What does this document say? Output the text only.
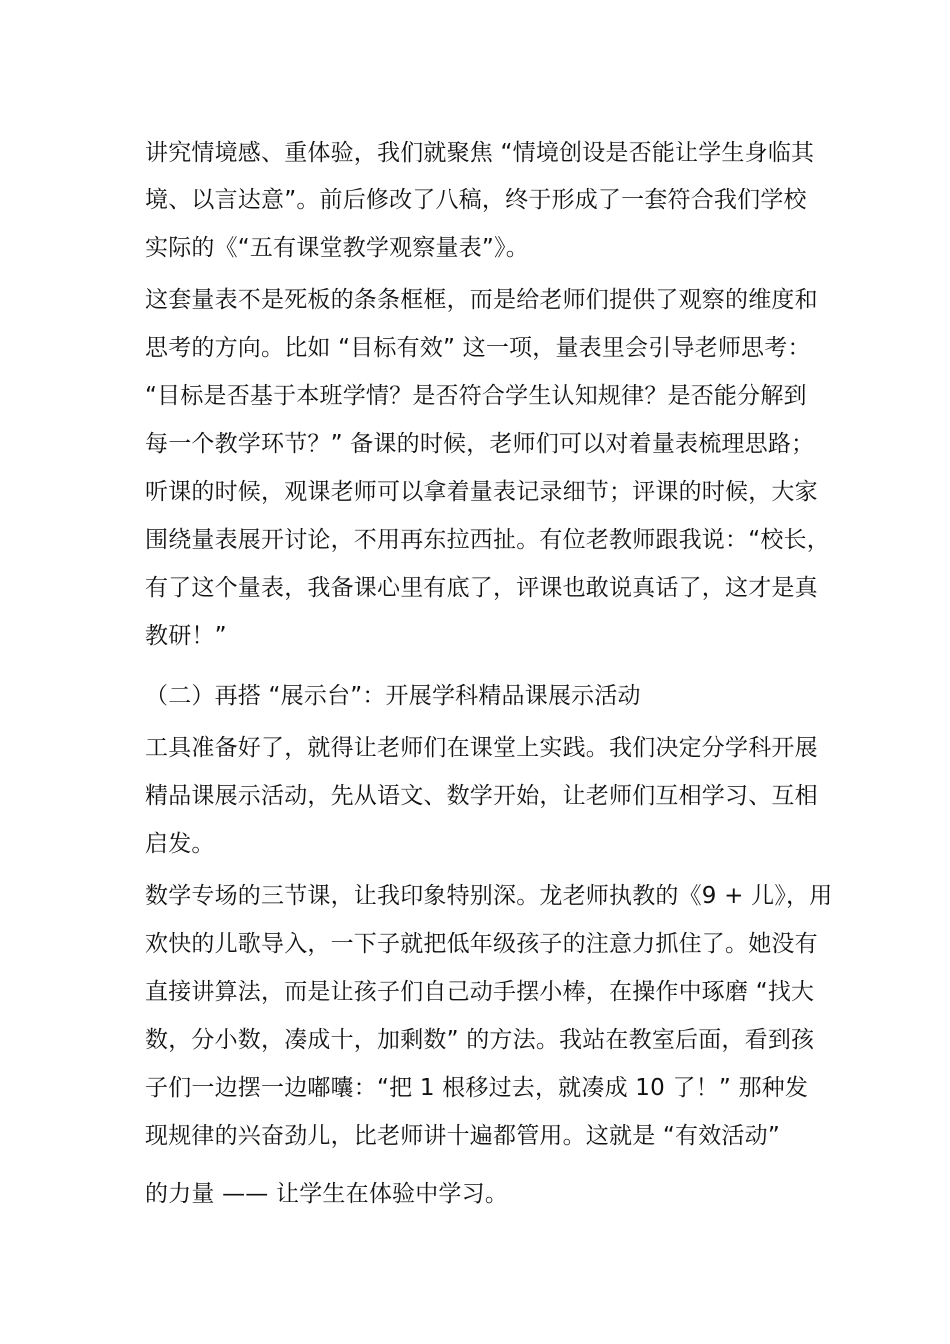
讲究情境感、重体验，我们就聚焦 “情境创设是否能让学生身临其
境、以言达意”。前后修改了八稿，终于形成了一套符合我们学校
实际的《“五有课堂教学观察量表”》。
这套量表不是死板的条条框框，而是给老师们提供了观察的维度和
思考的方向。比如 “目标有效” 这一项，量表里会引导老师思考：
“目标是否基于本班学情？是否符合学生认知规律？是否能分解到
每一个教学环节？” 备课的时候，老师们可以对着量表梳理思路；
听课的时候，观课老师可以拿着量表记录细节；评课的时候，大家
围绕量表展开讨论，不用再东拉西扯。有位老教师跟我说：“校长，
有了这个量表，我备课心里有底了，评课也敢说真话了，这才是真
教研！”
（二）再搭 “展示台”：开展学科精品课展示活动
工具准备好了，就得让老师们在课堂上实践。我们决定分学科开展
精品课展示活动，先从语文、数学开始，让老师们互相学习、互相
启发。
数学专场的三节课，让我印象特别深。龙老师执教的《9 + 儿》，用
欢快的儿歌导入，一下子就把低年级孩子的注意力抓住了。她没有
直接讲算法，而是让孩子们自己动手摆小棒，在操作中琢磨 “找大
数，分小数，凑成十，加剩数” 的方法。我站在教室后面，看到孩
子们一边摆一边嘟囔：“把 1 根移过去，就凑成 10 了！” 那种发
现规律的兴奋劲儿，比老师讲十遍都管用。这就是 “有效活动”
的力量 —— 让学生在体验中学习。
